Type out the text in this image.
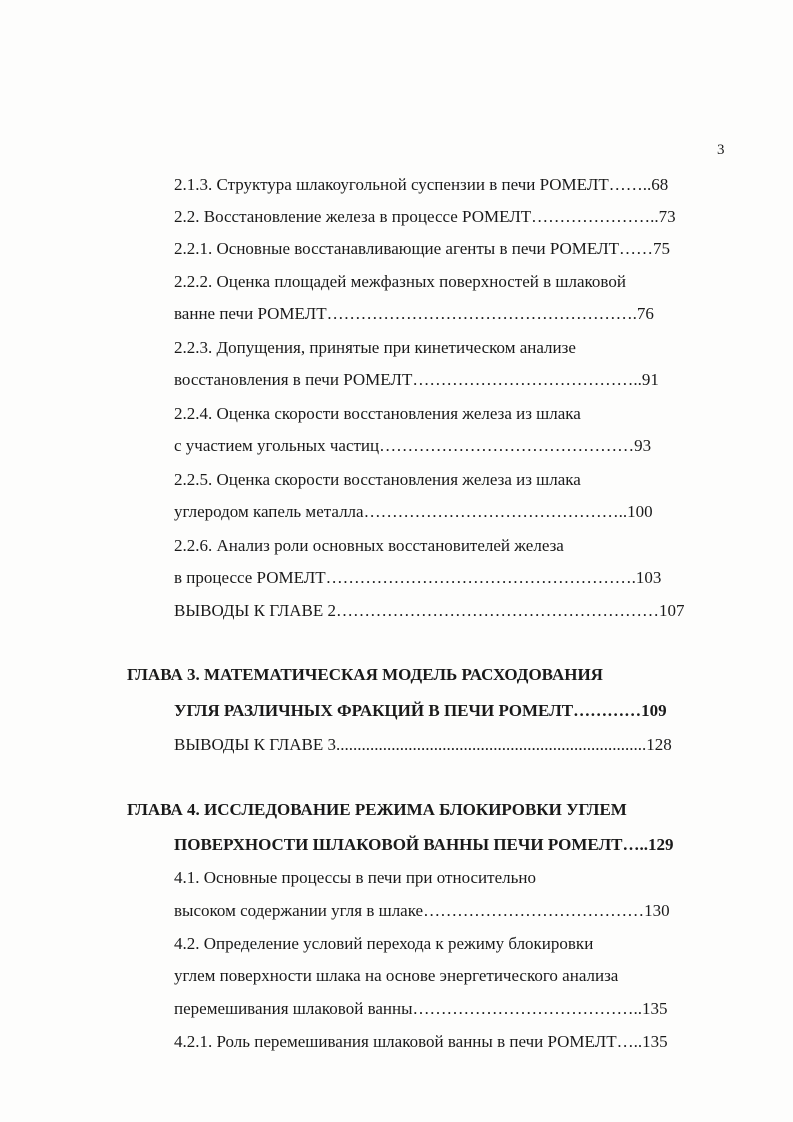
3
2.1.3. Структура шлакоугольной суспензии в печи РОМЕЛТ……..68
2.2. Восстановление железа в процессе РОМЕЛТ…………………..73
2.2.1. Основные восстанавливающие агенты в печи РОМЕЛТ……75
2.2.2. Оценка площадей межфазных поверхностей в шлаковой
ванне печи РОМЕЛТ……………………………………………….76
2.2.3. Допущения, принятые при кинетическом анализе
восстановления в печи РОМЕЛТ…………………………………..91
2.2.4. Оценка скорости восстановления железа из шлака
с участием угольных частиц………………………………………93
2.2.5. Оценка скорости восстановления железа из шлака
углеродом капель металла………………………………………..100
2.2.6. Анализ роли основных восстановителей железа
в процессе РОМЕЛТ……………………………………………….103
ВЫВОДЫ К ГЛАВЕ 2…………………………………………………107
ГЛАВА 3. МАТЕМАТИЧЕСКАЯ МОДЕЛЬ РАСХОДОВАНИЯ
УГЛЯ РАЗЛИЧНЫХ ФРАКЦИЙ В ПЕЧИ РОМЕЛТ…………109
ВЫВОДЫ К ГЛАВЕ 3.........................................................................128
ГЛАВА 4. ИССЛЕДОВАНИЕ РЕЖИМА БЛОКИРОВКИ УГЛЕМ
ПОВЕРХНОСТИ ШЛАКОВОЙ ВАННЫ ПЕЧИ РОМЕЛТ…..129
4.1. Основные процессы в печи при относительно
высоком содержании угля в шлаке…………………………………130
4.2. Определение условий перехода к режиму блокировки
углем поверхности шлака на основе энергетического анализа
перемешивания шлаковой ванны…………………………………..135
4.2.1. Роль перемешивания шлаковой ванны в печи РОМЕЛТ…..135
